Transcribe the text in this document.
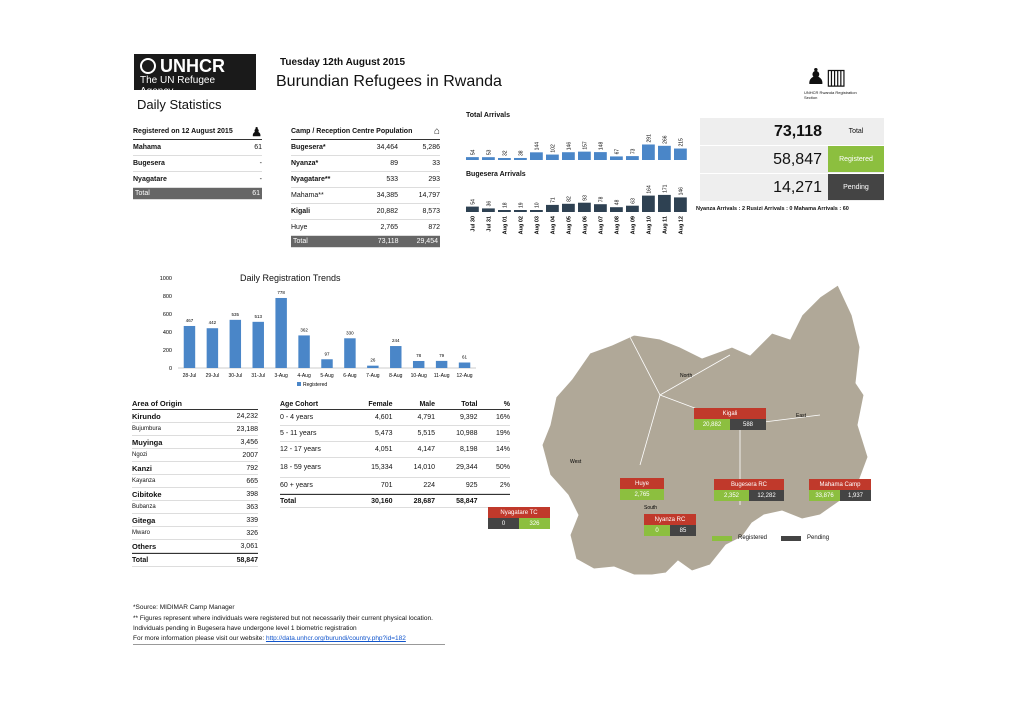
UNHCR
The UN Refugee Agency
Tuesday 12th August 2015
Burundian Refugees in Rwanda
Daily Statistics
Registered on 12 August 2015 ♟
Mahama	61
Bugesera	-
Nyagatare	-
Total	61
Camp / Reception Centre Population ⌂
Bugesera*	34,464	5,286
Nyanza*	89	33
Nyagatare**	533	293
Mahama**	34,385	14,797
Kigali	20,882	8,573
Huye	2,765	872
Total	73,118	29,454
Total Arrivals
Bugesera Arrivals
54 53 32 38
144 102 146 157 148
67 73
291 266 215
54 36 18 19 10
71 82 93 78
48 63
164 171 146
Jul 30 Jul 31 Aug 01 Aug 02 Aug 03 Aug 04 Aug 05 Aug 06 Aug 07 Aug 08 Aug 09 Aug 10 Aug 11 Aug 12
♟▥
UNHCR Rwanda Registration Section
73,118	Total
58,847	Registered
14,271	Pending
Nyanza Arrivals : 2 Rusizi Arrivals : 0 Mahama Arrivals : 60
Daily Registration Trends
0
200
400
600
800
1000
467
28-Jul
442
29-Jul
535
30-Jul
513
31-Jul
778
3-Aug
362
4-Aug
97
5-Aug
330
6-Aug
26
7-Aug
244
8-Aug
78
10-Aug
79
11-Aug
61
12-Aug
Registered
Area of Origin
Kirundo	24,232
Bujumbura	23,188
Muyinga	3,456
Ngozi	2007
Kanzi	792
Kayanza	665
Cibitoke	398
Bubanza	363
Gitega	339
Mwaro	326
Others	3,061
Total	58,847
Age Cohort	Female	Male	Total	%
0 - 4 years	4,601	4,791	9,392	16%
5 - 11 years	5,473	5,515	10,988	19%
12 - 17 years	4,051	4,147	8,198	14%
18 - 59 years	15,334	14,010	29,344	50%
60 + years	701	224	925	2%
Total	30,160	28,687	58,847
North
East
West
South
Kigali
20,882	588
Huye
2,765
Bugesera RC
2,352	12,282
Mahama Camp
33,876	1,937
Nyagatare TC
0	326
Nyanza RC
0	85
Registered	Pending
*Source: MIDIMAR Camp Manager
** Figures represent where individuals were registered but not necessarily their current physical location.
Individuals pending in Bugesera have undergone level 1 biometric registration
For more information please visit our website: http://data.unhcr.org/burundi/country.php?id=182
